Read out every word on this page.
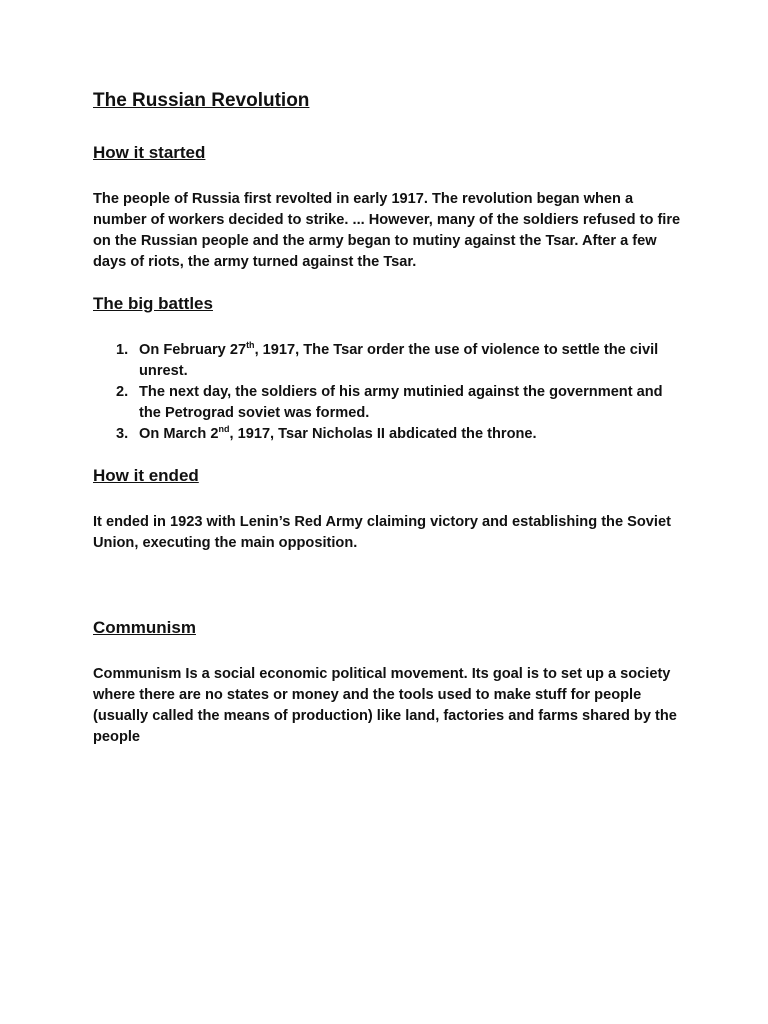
The Russian Revolution
How it started

The people of Russia first revolted in early 1917. The revolution began when a number of workers decided to strike. ... However, many of the soldiers refused to fire on the Russian people and the army began to mutiny against the Tsar. After a few days of riots, the army turned against the Tsar.

The big battles
1. On February 27th, 1917, The Tsar order the use of violence to settle the civil unrest.
2. The next day, the soldiers of his army mutinied against the government and the Petrograd soviet was formed.
3. On March 2nd, 1917, Tsar Nicholas II abdicated the throne.
How it ended

It ended in 1923 with Lenin’s Red Army claiming victory and establishing the Soviet Union, executing the main opposition.

Communism

Communism Is a social economic political movement. Its goal is to set up a society where there are no states or money and the tools used to make stuff for people (usually called the means of production) like land, factories and farms shared by the people
